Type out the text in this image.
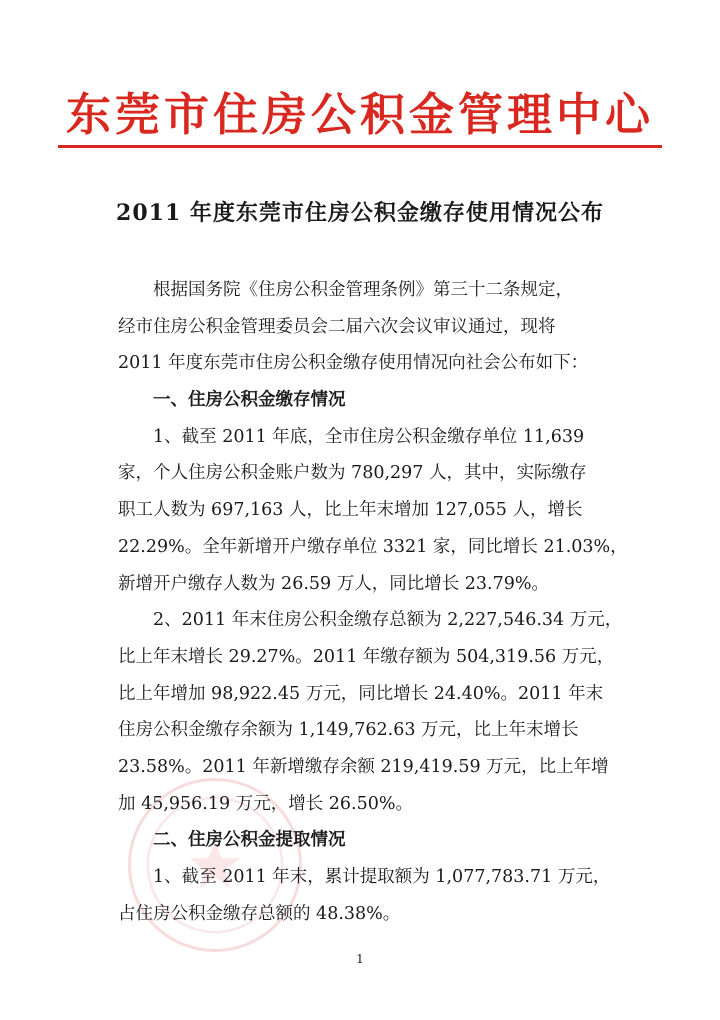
东莞市住房公积金管理中心
2011 年度东莞市住房公积金缴存使用情况公布
　　根据国务院《住房公积金管理条例》第三十二条规定，
经市住房公积金管理委员会二届六次会议审议通过，现将
2011 年度东莞市住房公积金缴存使用情况向社会公布如下：
　　一、住房公积金缴存情况
　　1、截至 2011 年底，全市住房公积金缴存单位 11,639
家，个人住房公积金账户数为 780,297 人，其中，实际缴存
职工人数为 697,163 人，比上年末增加 127,055 人，增长
22.29%。全年新增开户缴存单位 3321 家，同比增长 21.03%，
新增开户缴存人数为 26.59 万人，同比增长 23.79%。
　　2、2011 年末住房公积金缴存总额为 2,227,546.34 万元，
比上年末增长 29.27%。2011 年缴存额为 504,319.56 万元，
比上年增加 98,922.45 万元，同比增长 24.40%。2011 年末
住房公积金缴存余额为 1,149,762.63 万元，比上年末增长
23.58%。2011 年新增缴存余额 219,419.59 万元，比上年增
加 45,956.19 万元，增长 26.50%。
　　二、住房公积金提取情况
　　1、截至 2011 年末，累计提取额为 1,077,783.71 万元，
占住房公积金缴存总额的 48.38%。
1
